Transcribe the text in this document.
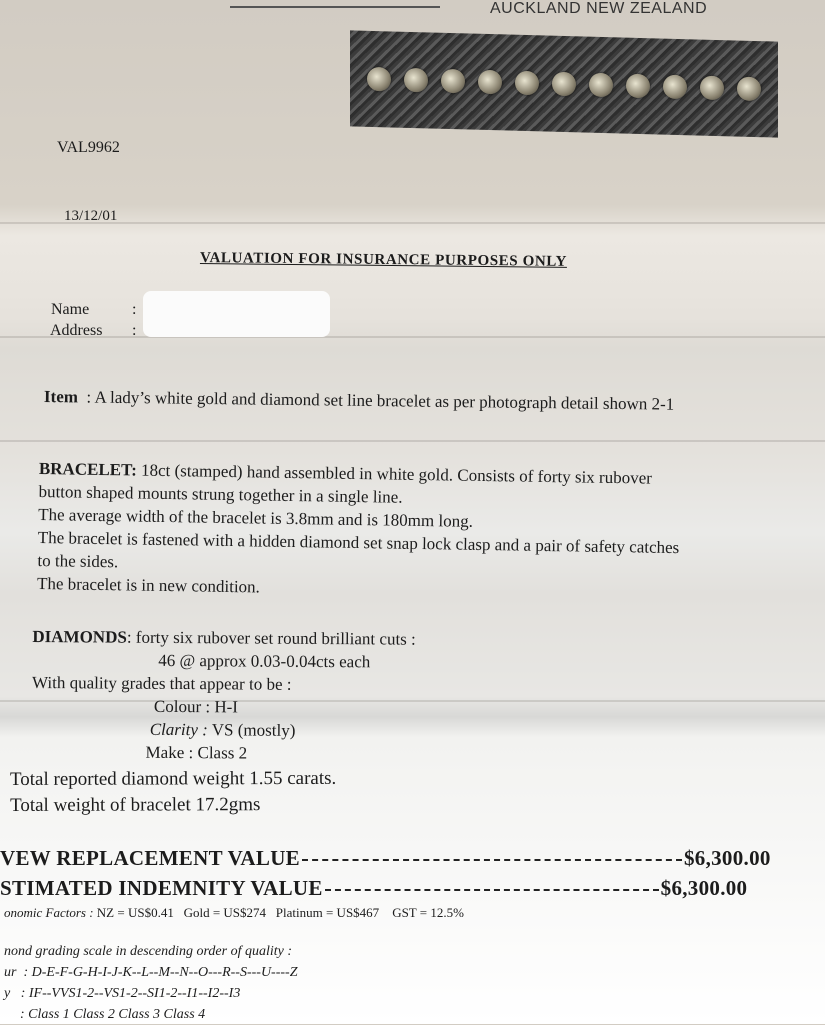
AUCKLAND NEW ZEALAND
VAL9962
13/12/01
VALUATION FOR INSURANCE PURPOSES ONLY
Name	:
Address :
Item : A lady’s white gold and diamond set line bracelet as per photograph detail shown 2-1
BRACELET: 18ct (stamped) hand assembled in white gold. Consists of forty six rubover
button shaped mounts strung together in a single line.
The average width of the bracelet is 3.8mm and is 180mm long.
The bracelet is fastened with a hidden diamond set snap lock clasp and a pair of safety catches
to the sides.
The bracelet is in new condition.
DIAMONDS: forty six rubover set round brilliant cuts :
46 @ approx 0.03-0.04cts each
With quality grades that appear to be :
Colour : H-I
Clarity : VS (mostly)
Make : Class 2
Total reported diamond weight 1.55 carats.
Total weight of bracelet 17.2gms
VEW REPLACEMENT VALUE	$6,300.00
STIMATED INDEMNITY VALUE	$6,300.00
onomic Factors : NZ = US$0.41 Gold = US$274 Platinum = US$467 GST = 12.5%
nond grading scale in descending order of quality :
ur : D-E-F-G-H-I-J-K--L--M--N--O---R--S---U----Z
y : IF--VVS1-2--VS1-2--SI1-2--I1--I2--I3
: Class 1 Class 2 Class 3 Class 4
